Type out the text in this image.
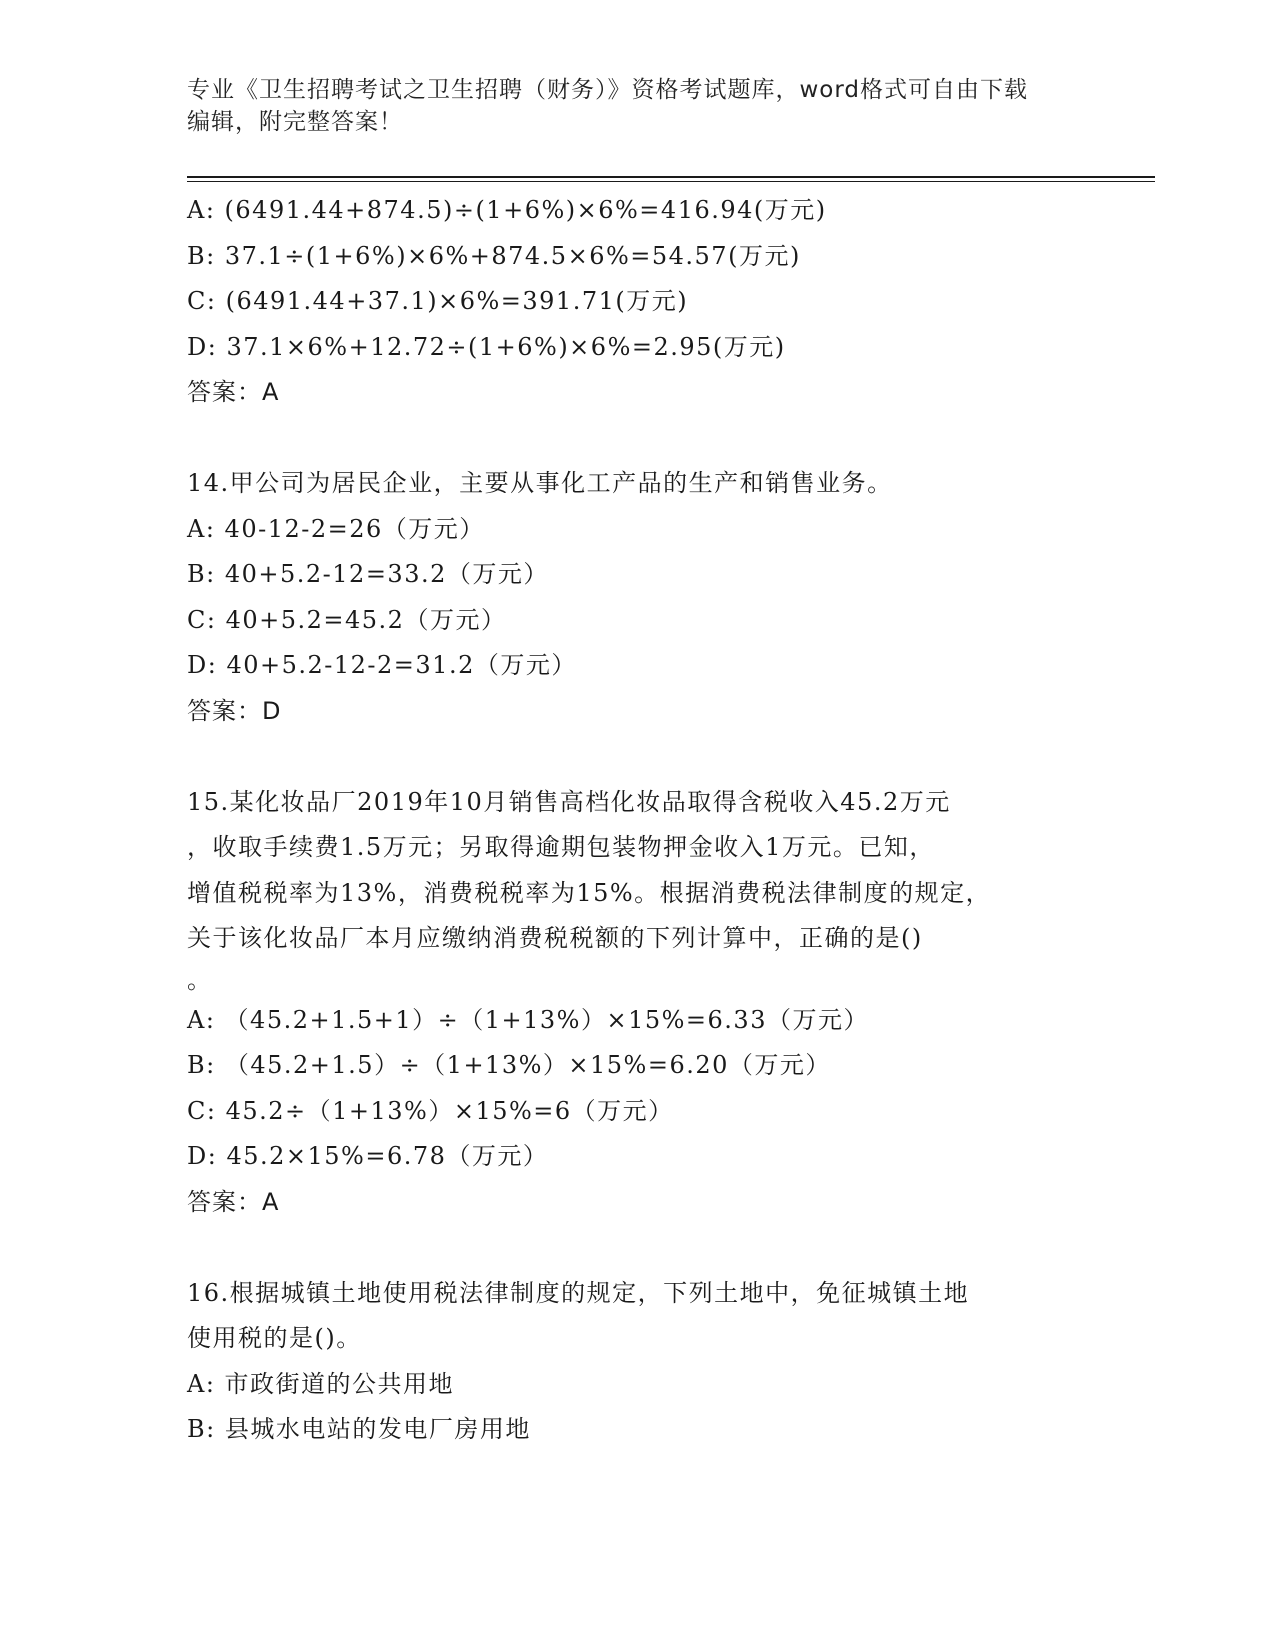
专业《卫生招聘考试之卫生招聘（财务）》资格考试题库，word格式可自由下载
编辑，附完整答案！
A: (6491.44+874.5)÷(1+6%)×6%=416.94(万元)
B: 37.1÷(1+6%)×6%+874.5×6%=54.57(万元)
C: (6491.44+37.1)×6%=391.71(万元)
D: 37.1×6%+12.72÷(1+6%)×6%=2.95(万元)
答案：A
14.甲公司为居民企业，主要从事化工产品的生产和销售业务。
A: 40-12-2=26（万元）
B: 40+5.2-12=33.2（万元）
C: 40+5.2=45.2（万元）
D: 40+5.2-12-2=31.2（万元）
答案：D
15.某化妆品厂2019年10月销售高档化妆品取得含税收入45.2万元
，收取手续费1.5万元；另取得逾期包装物押金收入1万元。已知，
增值税税率为13%，消费税税率为15%。根据消费税法律制度的规定，
关于该化妆品厂本月应缴纳消费税税额的下列计算中，正确的是()
。
A: （45.2+1.5+1）÷（1+13%）×15%=6.33（万元）
B: （45.2+1.5）÷（1+13%）×15%=6.20（万元）
C: 45.2÷（1+13%）×15%=6（万元）
D: 45.2×15%=6.78（万元）
答案：A
16.根据城镇土地使用税法律制度的规定，下列土地中，免征城镇土地
使用税的是()。
A: 市政街道的公共用地
B: 县城水电站的发电厂房用地
